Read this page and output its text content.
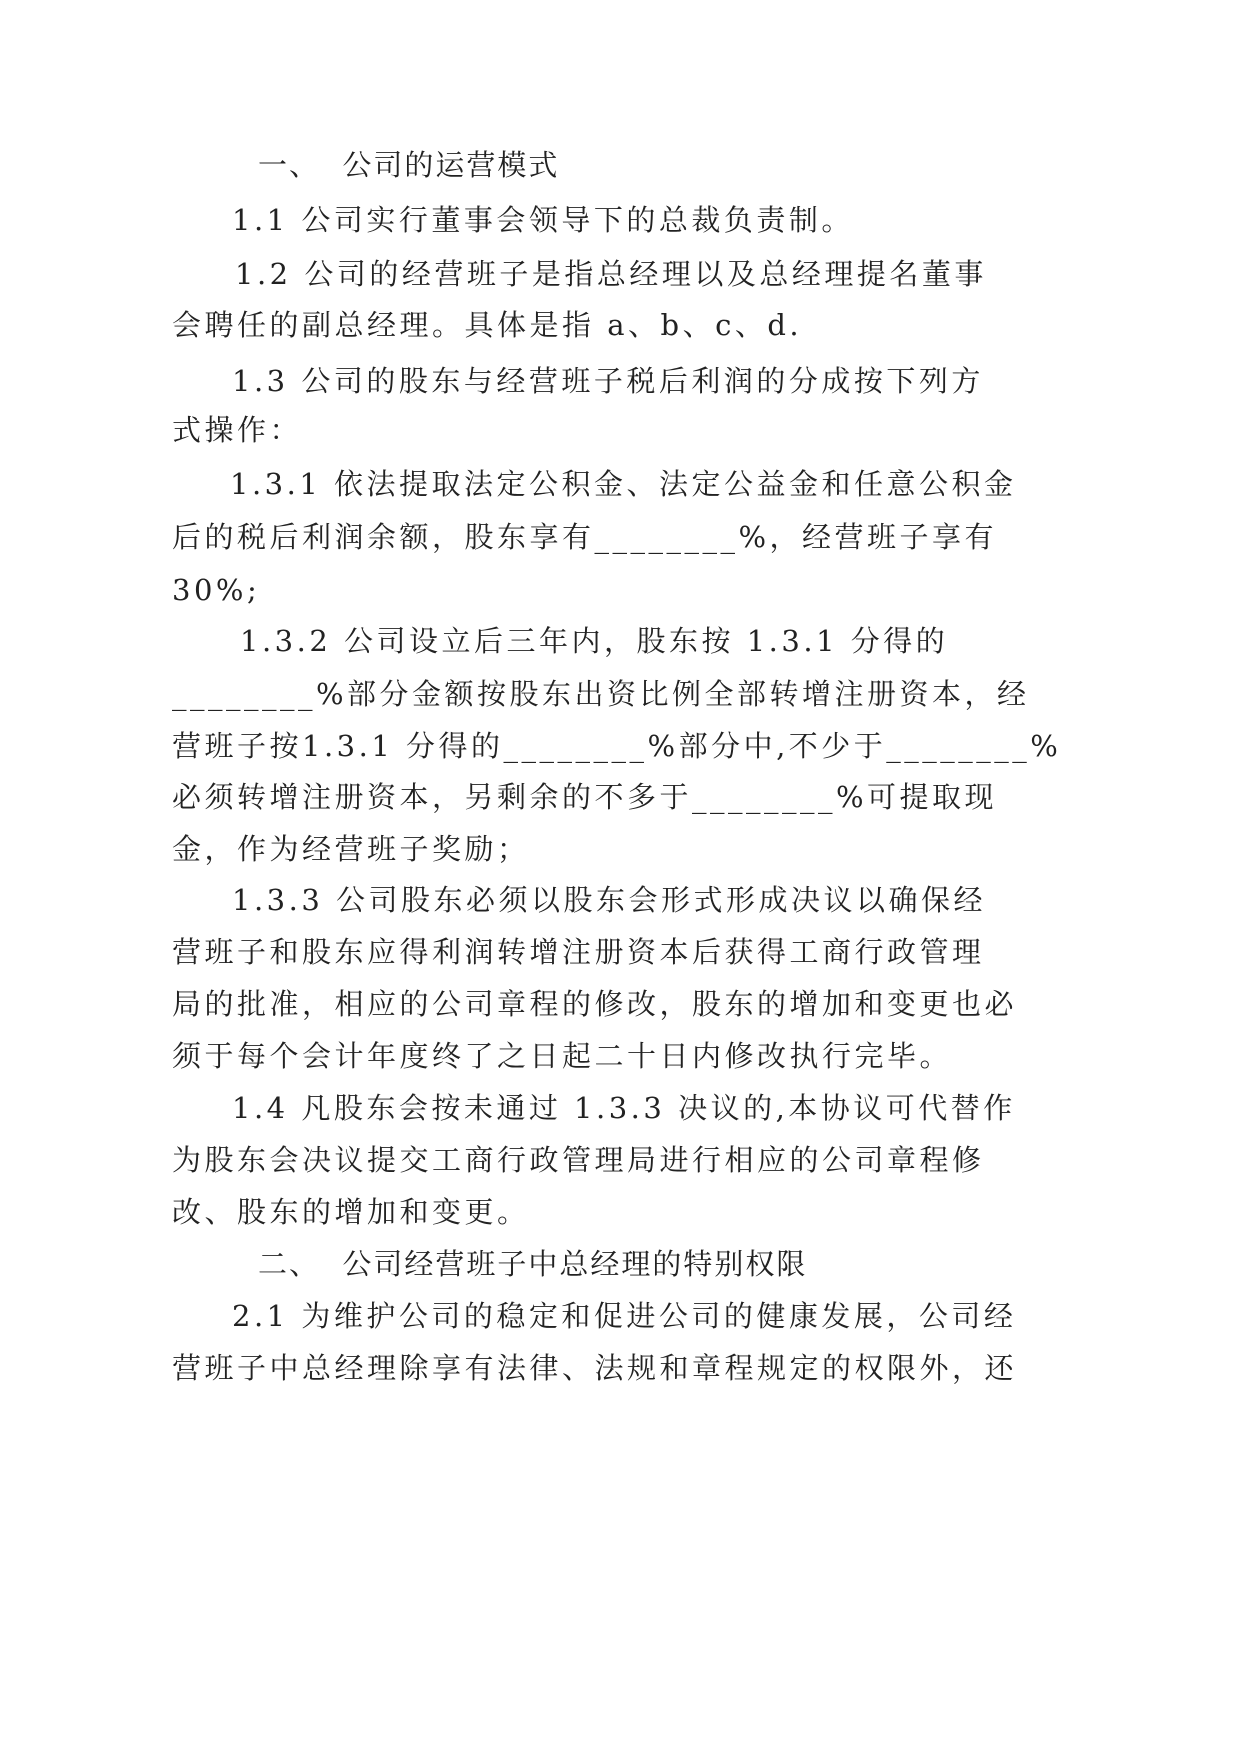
一、  公司的运营模式
1.1 公司实行董事会领导下的总裁负责制。
1.2 公司的经营班子是指总经理以及总经理提名董事
会聘任的副总经理。具体是指 a、b、c、d.
1.3 公司的股东与经营班子税后利润的分成按下列方
式操作：
1.3.1 依法提取法定公积金、法定公益金和任意公积金
后的税后利润余额，股东享有________%，经营班子享有
30%;
1.3.2 公司设立后三年内，股东按 1.3.1 分得的
________%部分金额按股东出资比例全部转增注册资本，经
营班子按1.3.1 分得的________%部分中,不少于________%
必须转增注册资本，另剩余的不多于________%可提取现
金，作为经营班子奖励；
1.3.3 公司股东必须以股东会形式形成决议以确保经
营班子和股东应得利润转增注册资本后获得工商行政管理
局的批准，相应的公司章程的修改，股东的增加和变更也必
须于每个会计年度终了之日起二十日内修改执行完毕。
1.4 凡股东会按未通过 1.3.3 决议的,本协议可代替作
为股东会决议提交工商行政管理局进行相应的公司章程修
改、股东的增加和变更。
二、  公司经营班子中总经理的特别权限
2.1 为维护公司的稳定和促进公司的健康发展，公司经
营班子中总经理除享有法律、法规和章程规定的权限外，还
